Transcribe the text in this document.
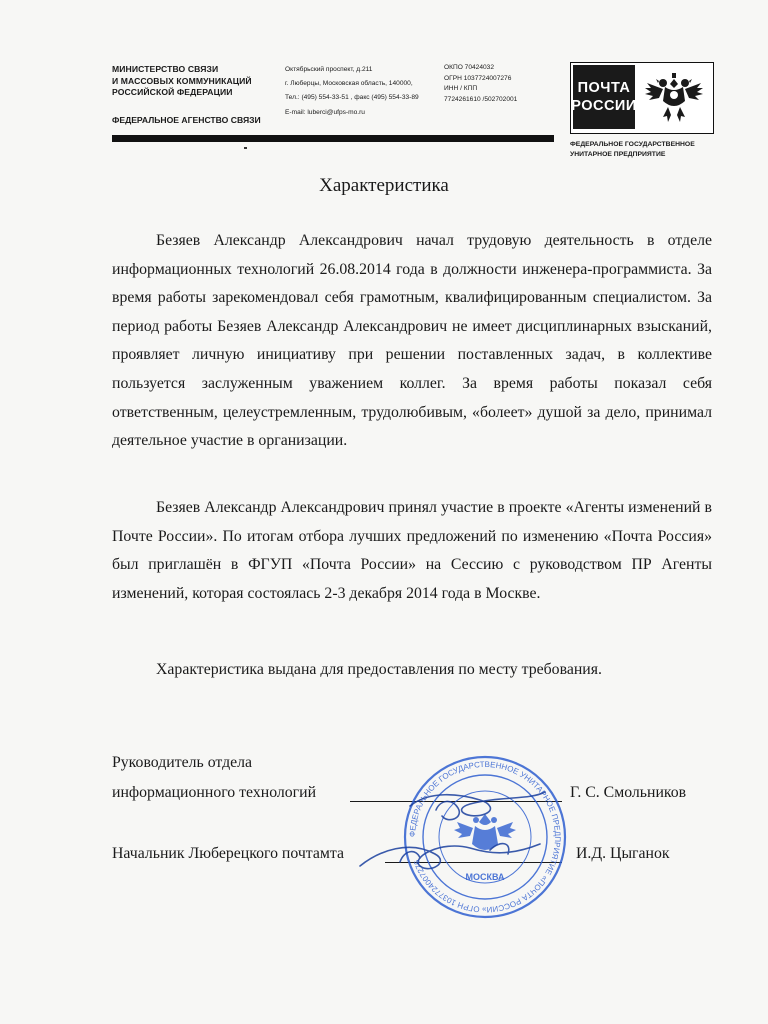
МИНИСТЕРСТВО СВЯЗИ
И МАССОВЫХ КОММУНИКАЦИЙ
РОССИЙСКОЙ ФЕДЕРАЦИИ
ФЕДЕРАЛЬНОЕ АГЕНСТВО СВЯЗИ
Октябрьский проспект, д.211
г. Люберцы, Московская область, 140000,
Тел.: (495) 554-33-51 , факс (495) 554-33-89
E-mail: luberci@ufps-mo.ru
ОКПО 70424032
ОГРН 1037724007276
ИНН / КПП
7724261610 /502702001
ПОЧТА
РОССИИ
ФЕДЕРАЛЬНОЕ ГОСУДАРСТВЕННОЕ
УНИТАРНОЕ ПРЕДПРИЯТИЕ
Характеристика
Безяев Александр Александрович начал трудовую деятельность в отделе информационных технологий 26.08.2014 года в должности инженера-программиста. За время работы зарекомендовал себя грамотным, квалифицированным специалистом. За период работы Безяев Александр Александрович не имеет дисциплинарных взысканий, проявляет личную инициативу при решении поставленных задач, в коллективе пользуется заслуженным уважением коллег. За время работы показал себя ответственным, целеустремленным, трудолюбивым, «болеет» душой за дело, принимал деятельное участие в организации.
Безяев Александр Александрович принял участие в проекте «Агенты изменений в Почте России». По итогам отбора лучших предложений по изменению «Почта Россия» был приглашён в ФГУП «Почта России» на Сессию с руководством ПР Агенты изменений, которая состоялась 2-3 декабря 2014 года в Москве.
Характеристика выдана для предоставления по месту требования.
Руководитель отдела
информационного технологий	Г. С. Смольников
Начальник Люберецкого почтамта	И.Д. Цыганок
ФЕДЕРАЛЬНОЕ ГОСУДАРСТВЕННОЕ УНИТАРНОЕ ПРЕДПРИЯТИЕ «ПОЧТА РОССИИ» ОГРН 1037724007276
МОСКВА
